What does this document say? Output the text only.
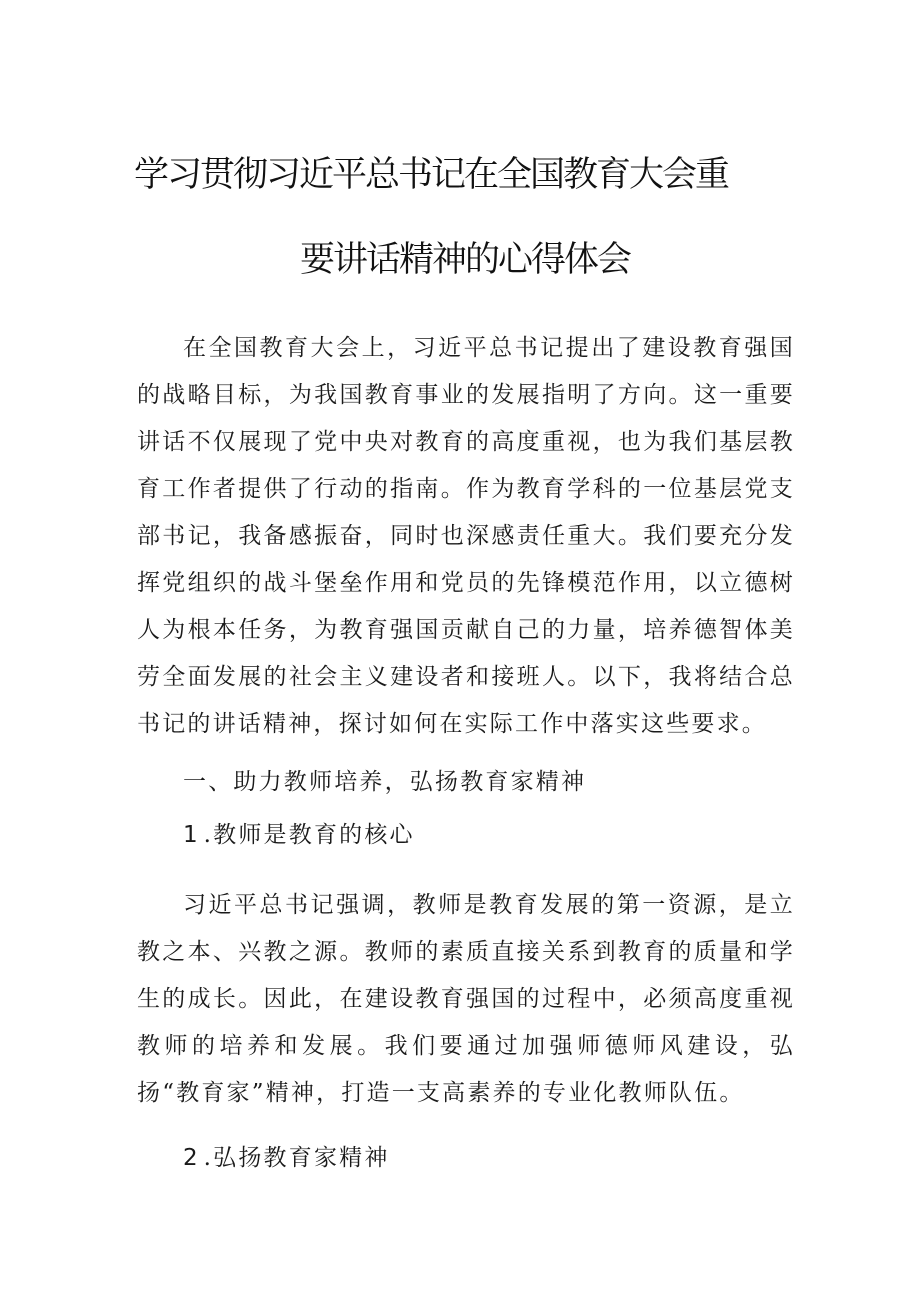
学习贯彻习近平总书记在全国教育大会重
要讲话精神的心得体会

在全国教育大会上，习近平总书记提出了建设教育强国的战略目标，为我国教育事业的发展指明了方向。这一重要讲话不仅展现了党中央对教育的高度重视，也为我们基层教育工作者提供了行动的指南。作为教育学科的一位基层党支部书记，我备感振奋，同时也深感责任重大。我们要充分发挥党组织的战斗堡垒作用和党员的先锋模范作用，以立德树人为根本任务，为教育强国贡献自己的力量，培养德智体美劳全面发展的社会主义建设者和接班人。以下，我将结合总书记的讲话精神，探讨如何在实际工作中落实这些要求。

一、助力教师培养，弘扬教育家精神

1 .教师是教育的核心

习近平总书记强调，教师是教育发展的第一资源，是立教之本、兴教之源。教师的素质直接关系到教育的质量和学生的成长。因此，在建设教育强国的过程中，必须高度重视教师的培养和发展。我们要通过加强师德师风建设，弘扬“教育家”精神，打造一支高素养的专业化教师队伍。

2 .弘扬教育家精神
